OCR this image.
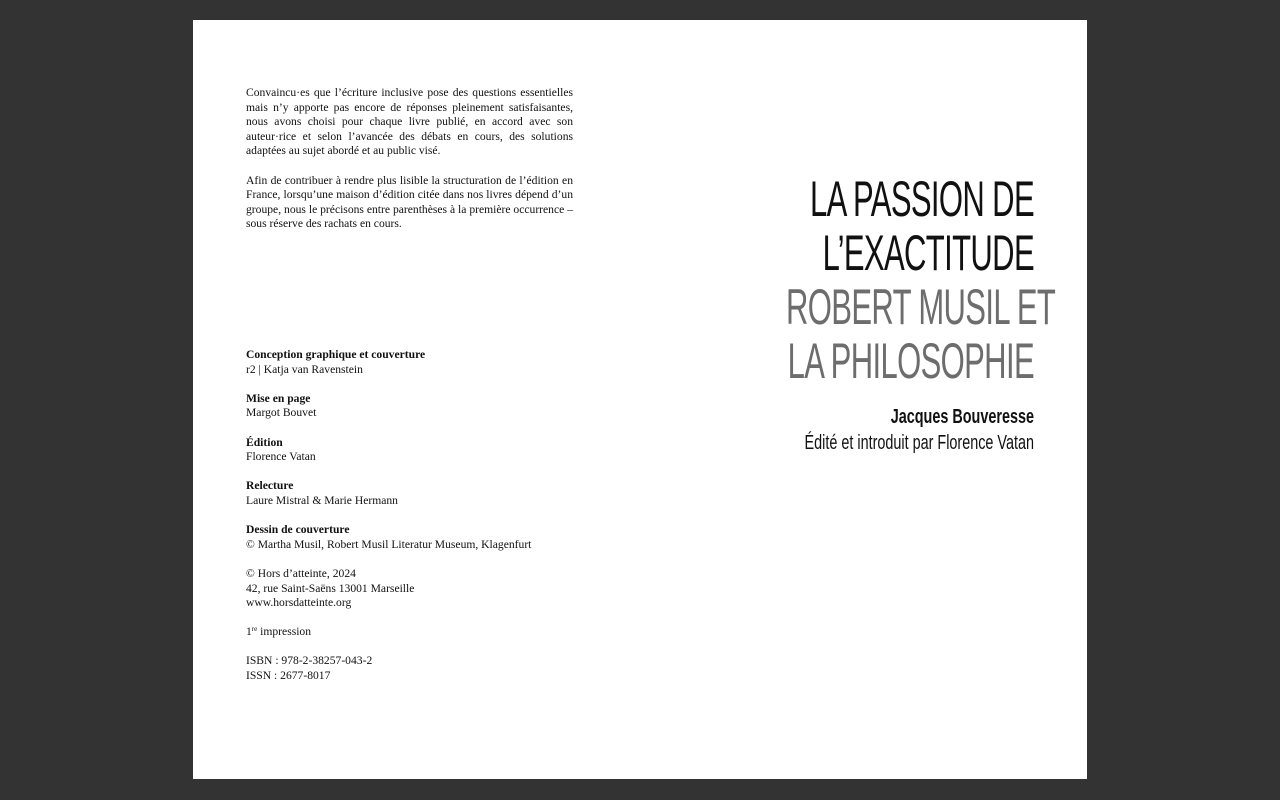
Convaincu·es que l’écriture inclusive pose des questions essentielles mais n’y apporte pas encore de réponses pleinement satisfaisantes, nous avons choisi pour chaque livre publié, en accord avec son auteur·rice et selon l’avancée des débats en cours, des solutions adaptées au sujet abordé et au public visé.

Afin de contribuer à rendre plus lisible la structuration de l’édition en France, lorsqu’une maison d’édition citée dans nos livres dépend d’un groupe, nous le précisons entre parenthèses à la première occurrence – sous réserve des rachats en cours.

Conception graphique et couverture
r2 | Katja van Ravenstein
Mise en page
Margot Bouvet
Édition
Florence Vatan
Relecture
Laure Mistral & Marie Hermann
Dessin de couverture
© Martha Musil, Robert Musil Literatur Museum, Klagenfurt
© Hors d’atteinte, 2024
42, rue Saint-Saëns 13001 Marseille
www.horsdatteinte.org
1re impression
ISBN : 978-2-38257-043-2
ISSN : 2677-8017
LA PASSION DE
L’EXACTITUDE
ROBERT MUSIL ET
LA PHILOSOPHIE
Jacques Bouveresse
Édité et introduit par Florence Vatan
